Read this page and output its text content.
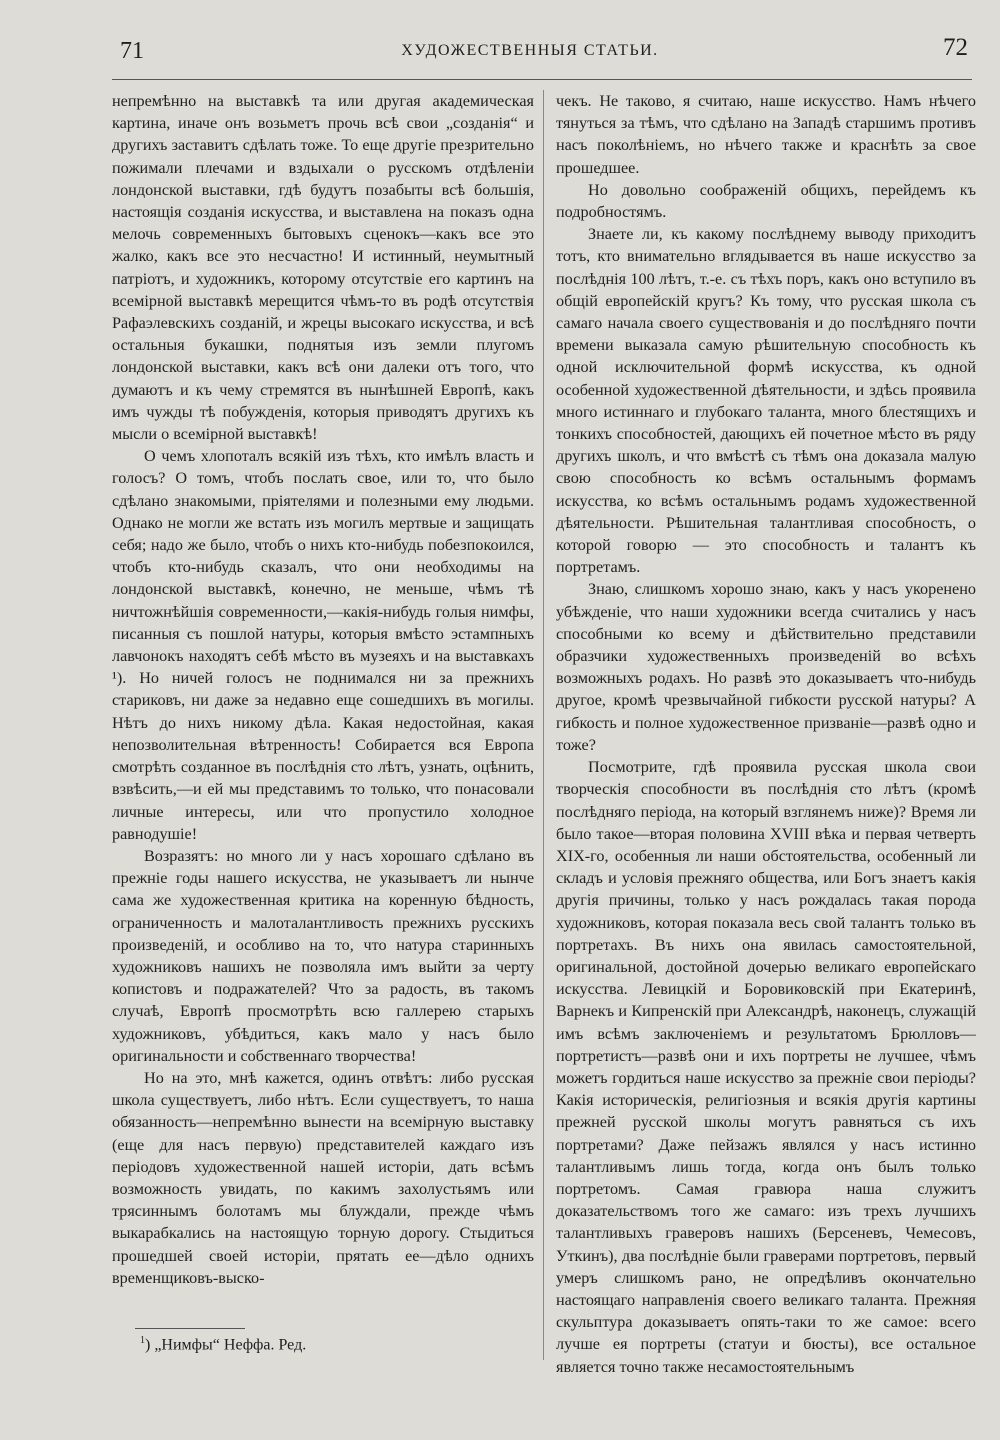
71	ХУДОЖЕСТВЕННЫЯ СТАТЬИ.	72

непремѣнно на выставкѣ та или другая академическая картина, иначе онъ возьметъ прочь всѣ свои „созданія“ и другихъ заставитъ сдѣлать тоже. То еще другіе презрительно пожимали плечами и вздыхали о русскомъ отдѣленіи лондонской выставки, гдѣ будутъ позабыты всѣ большія, настоящія созданія искусства, и выставлена на показъ одна мелочь современныхъ бытовыхъ сценокъ—какъ все это жалко, какъ все это несчастно! И истинный, неумытный патріотъ, и художникъ, которому отсутствіе его картинъ на всемірной выставкѣ мерещится чѣмъ-то въ родѣ отсутствія Рафаэлевскихъ созданій, и жрецы высокаго искусства, и всѣ остальныя букашки, поднятыя изъ земли плугомъ лондонской выставки, какъ всѣ они далеки отъ того, что думаютъ и къ чему стремятся въ нынѣшней Европѣ, какъ имъ чужды тѣ побужденія, которыя приводятъ другихъ къ мысли о всемірной выставкѣ!

О чемъ хлопоталъ всякій изъ тѣхъ, кто имѣлъ власть и голосъ? О томъ, чтобъ послать свое, или то, что было сдѣлано знакомыми, пріятелями и полезными ему людьми. Однако не могли же встать изъ могилъ мертвые и защищать себя; надо же было, чтобъ о нихъ кто-нибудь побезпокоился, чтобъ кто-нибудь сказалъ, что они необходимы на лондонской выставкѣ, конечно, не меньше, чѣмъ тѣ ничтожнѣйшія современности,—какія-нибудь голыя нимфы, писанныя съ пошлой натуры, которыя вмѣсто эстампныхъ лавчонокъ находятъ себѣ мѣсто въ музеяхъ и на выставкахъ ¹). Но ничей голосъ не поднимался ни за прежнихъ стариковъ, ни даже за недавно еще сошедшихъ въ могилы. Нѣтъ до нихъ никому дѣла. Какая недостойная, какая непозволительная вѣтренность! Собирается вся Европа смотрѣть созданное въ послѣднія сто лѣтъ, узнать, оцѣнить, взвѣсить,—и ей мы представимъ то только, что понасовали личные интересы, или что пропустило холодное равнодушіе!

Возразятъ: но много ли у насъ хорошаго сдѣлано въ прежніе годы нашего искусства, не указываетъ ли нынче сама же художественная критика на коренную бѣдность, ограниченность и малоталантливость прежнихъ русскихъ произведеній, и особливо на то, что натура старинныхъ художниковъ нашихъ не позволяла имъ выйти за черту копистовъ и подражателей? Что за радость, въ такомъ случаѣ, Европѣ просмотрѣть всю галлерею старыхъ художниковъ, убѣдиться, какъ мало у насъ было оригинальности и собственнаго творчества!

Но на это, мнѣ кажется, одинъ отвѣтъ: либо русская школа существуетъ, либо нѣтъ. Если существуетъ, то наша обязанность—непремѣнно вынести на всемірную выставку (еще для насъ первую) представителей каждаго изъ періодовъ художественной нашей исторіи, дать всѣмъ возможность увидать, по какимъ захолустьямъ или трясиннымъ болотамъ мы блуждали, прежде чѣмъ выкарабкались на настоящую торную дорогу. Стыдиться прошедшей своей исторіи, прятать ее—дѣло однихъ временщиковъ-выско-

чекъ. Не таково, я считаю, наше искусство. Намъ нѣчего тянуться за тѣмъ, что сдѣлано на Западѣ старшимъ противъ насъ поколѣніемъ, но нѣчего также и краснѣть за свое прошедшее.

Но довольно соображеній общихъ, перейдемъ къ подробностямъ.

Знаете ли, къ какому послѣднему выводу приходитъ тотъ, кто внимательно вглядывается въ наше искусство за послѣднія 100 лѣтъ, т.-е. съ тѣхъ поръ, какъ оно вступило въ общій европейскій кругъ? Къ тому, что русская школа съ самаго начала своего существованія и до послѣдняго почти времени выказала самую рѣшительную способность къ одной исключительной формѣ искусства, къ одной особенной художественной дѣятельности, и здѣсь проявила много истиннаго и глубокаго таланта, много блестящихъ и тонкихъ способностей, дающихъ ей почетное мѣсто въ ряду другихъ школъ, и что вмѣстѣ съ тѣмъ она доказала малую свою способность ко всѣмъ остальнымъ формамъ искусства, ко всѣмъ остальнымъ родамъ художественной дѣятельности. Рѣшительная талантливая способность, о которой говорю — это способность и талантъ къ портретамъ.

Знаю, слишкомъ хорошо знаю, какъ у насъ укоренено убѣжденіе, что наши художники всегда считались у насъ способными ко всему и дѣйствительно представили образчики художественныхъ произведеній во всѣхъ возможныхъ родахъ. Но развѣ это доказываетъ что-нибудь другое, кромѣ чрезвычайной гибкости русской натуры? А гибкость и полное художественное призваніе—развѣ одно и тоже?

Посмотрите, гдѣ проявила русская школа свои творческія способности въ послѣднія сто лѣтъ (кромѣ послѣдняго періода, на который взглянемъ ниже)? Время ли было такое—вторая половина XVIII вѣка и первая четверть XIX-го, особенныя ли наши обстоятельства, особенный ли складъ и условія прежняго общества, или Богъ знаетъ какія другія причины, только у насъ рождалась такая порода художниковъ, которая показала весь свой талантъ только въ портретахъ. Въ нихъ она явилась самостоятельной, оригинальной, достойной дочерью великаго европейскаго искусства. Левицкій и Боровиковскій при Екатеринѣ, Варнекъ и Кипренскій при Александрѣ, наконецъ, служащій имъ всѣмъ заключеніемъ и результатомъ Брюлловъ—портретистъ—развѣ они и ихъ портреты не лучшее, чѣмъ можетъ гордиться наше искусство за прежніе свои періоды? Какія историческія, религіозныя и всякія другія картины прежней русской школы могутъ равняться съ ихъ портретами? Даже пейзажъ являлся у насъ истинно талантливымъ лишь тогда, когда онъ былъ только портретомъ. Самая гравюра наша служитъ доказательствомъ того же самаго: изъ трехъ лучшихъ талантливыхъ граверовъ нашихъ (Берсеневъ, Чемесовъ, Уткинъ), два послѣдніе были граверами портретовъ, первый умеръ слишкомъ рано, не опредѣливъ окончательно настоящаго направленія своего великаго таланта. Прежняя скульптура доказываетъ опять-таки то же самое: всего лучше ея портреты (статуи и бюсты), все остальное является точно также несамостоятельнымъ

$^1$) „Нимфы“ Неффа. Ред.
